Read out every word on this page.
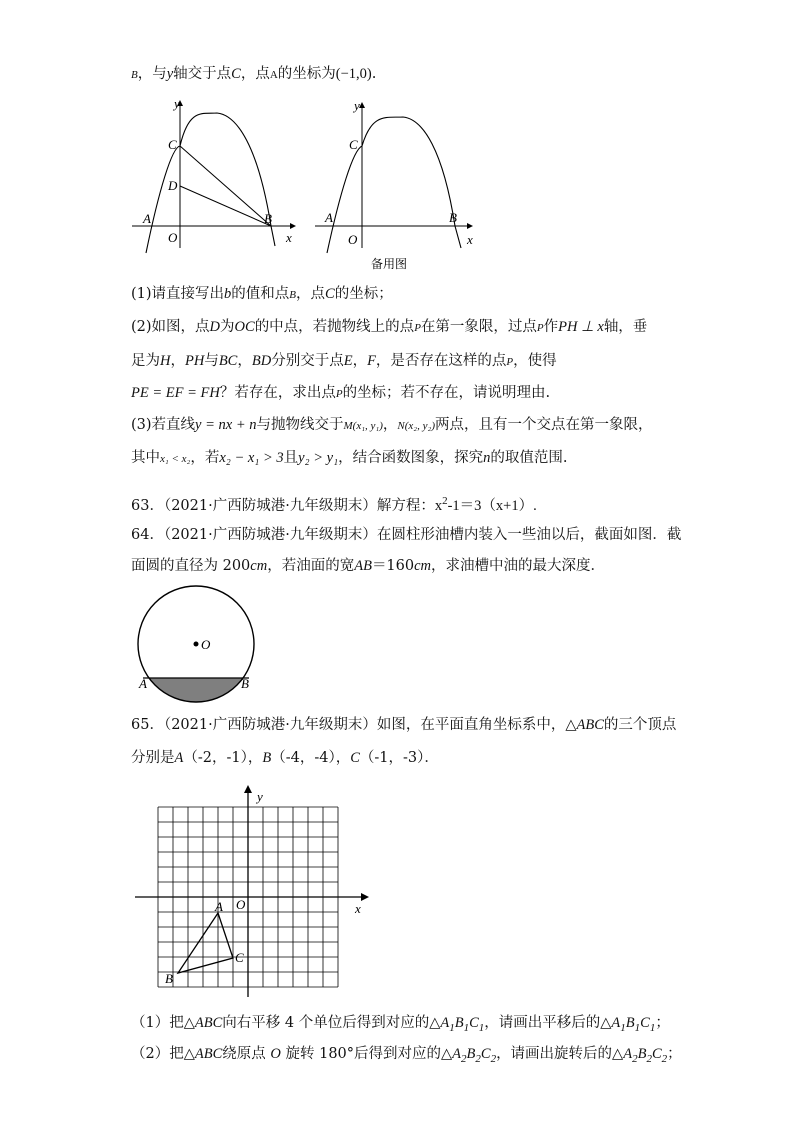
B，与y轴交于点C，点A的坐标为(−1,0).
y
x
C
D
A
O
B
y
x
C
A
O
B
备用图
(1)请直接写出b的值和点B，点C的坐标；
(2)如图，点D为OC的中点，若抛物线上的点P在第一象限，过点P作PH ⊥ x轴，垂
足为H，PH与BC，BD分别交于点E，F，是否存在这样的点P，使得
PE = EF = FH？若存在，求出点P的坐标；若不存在，请说明理由.
(3)若直线y = nx + n与抛物线交于M(x₁, y₁)，N(x₂, y₂)两点，且有一个交点在第一象限，
其中x₁ < x₂，若x₂ − x₁ > 3且y₂ > y₁，结合函数图象，探究n的取值范围.
63．（2021·广西防城港·九年级期末）解方程：$x^2-1=3(x+1)$.
64．（2021·广西防城港·九年级期末）在圆柱形油槽内装入一些油以后，截面如图．截
面圆的直径为 200cm，若油面的宽AB＝160cm，求油槽中油的最大深度．
O
A	B
65．（2021·广西防城港·九年级期末）如图，在平面直角坐标系中，△ABC的三个顶点
分别是A（-2，-1），B（-4，-4），C（-1，-3）．
y
x
O
A
B
C
（1）把△ABC向右平移 4 个单位后得到对应的$\triangle A_1B_1C_1$，请画出平移后的$\triangle A_1B_1C_1$；
（2）把△ABC绕原点 O 旋转 180°后得到对应的$\triangle A_2B_2C_2$，请画出旋转后的$\triangle A_2B_2C_2$；
